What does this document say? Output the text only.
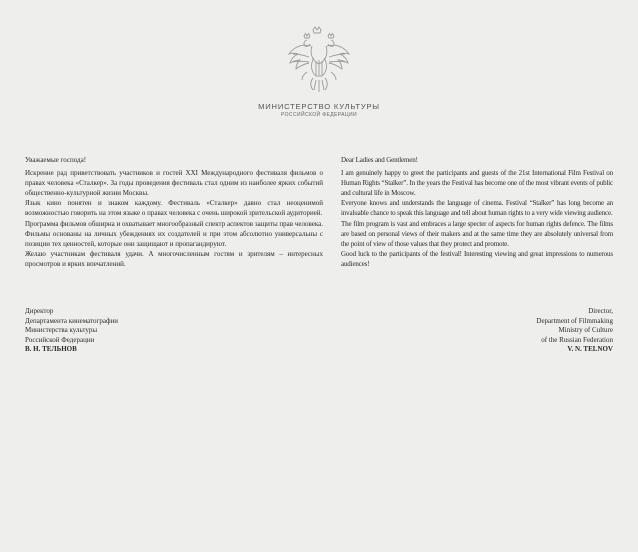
МИНИСТЕРСТВО КУЛЬТУРЫ
РОССИЙСКОЙ ФЕДЕРАЦИИ

Уважаемые господа!

Искренне рад приветствовать участников и гостей XXI Международного фестиваля фильмов о правах человека «Сталкер». За годы проведения фестиваль стал одним из наиболее ярких событий общественно-культурной жизни Москвы.

Язык кино понятен и знаком каждому. Фестиваль «Сталкер» давно стал неоценимой возможностью говорить на этом языке о правах человека с очень широкой зрительской аудиторией.

Программа фильмов обширна и охватывает многообразный спектр аспектов защиты прав человека. Фильмы основаны на личных убеждениях их создателей и при этом абсолютно универсальны с позиции тех ценностей, которые они защищают и пропагандируют.

Желаю участникам фестиваля удачи. А многочисленным гостям и зрителям – интересных просмотров и ярких впечатлений.

Dear Ladies and Gentlemen!

I am genuinely happy to greet the participants and guests of the 21st International Film Festival on Human Rights “Stalker”. In the years the Festival has become one of the most vibrant events of public and cultural life in Moscow.

Everyone knows and understands the language of cinema. Festival “Stalker” has long become an invaluable chance to speak this language and tell about human rights to a very wide viewing audience.

The film program is vast and embraces a large specter of aspects for human rights defence. The films are based on personal views of their makers and at the same time they are absolutely universal from the point of view of those values that they protect and promote.

Good luck to the participants of the festival! Interesting viewing and great impressions to numerous audiences!

Директор
Департамента кинематографии
Министерства культуры
Российской Федерации
В. Н. ТЕЛЬНОВ
Director,
Department of Filmmaking
Ministry of Culture
of the Russian Federation
V. N. TELNOV
